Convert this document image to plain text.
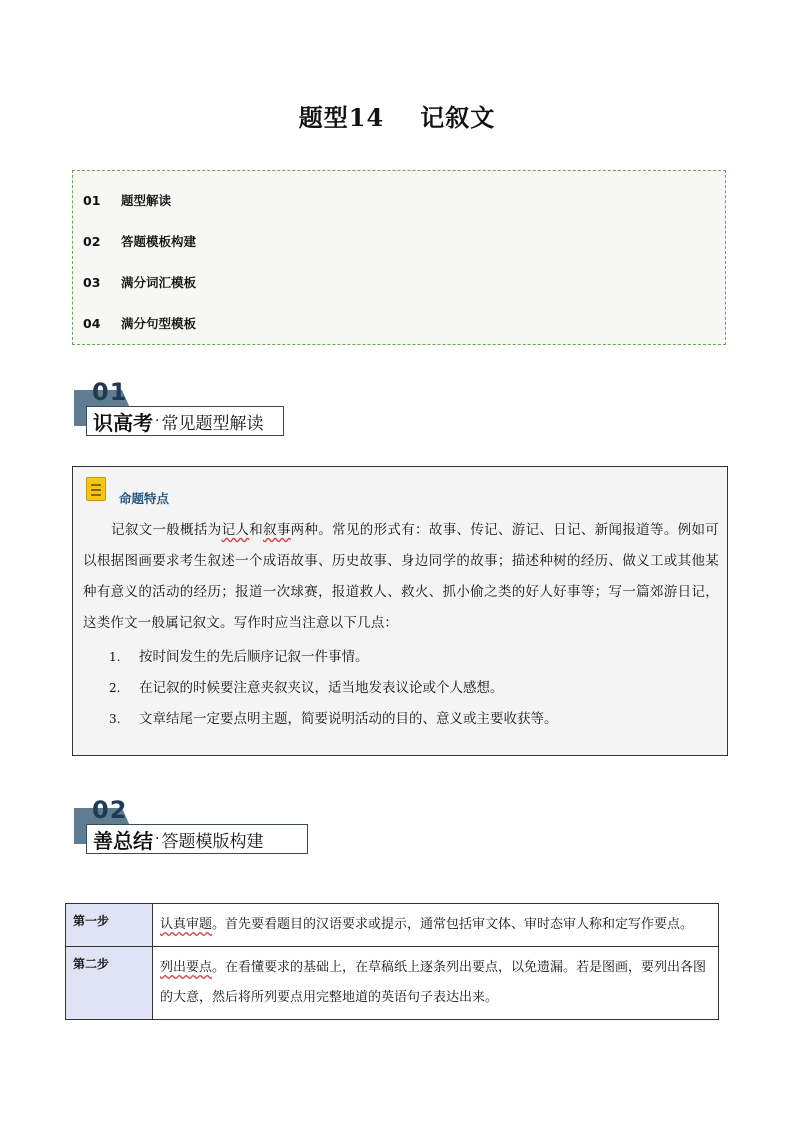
题型14 记叙文
01 题型解读
02 答题模板构建
03 满分词汇模板
04 满分句型模板
01
识高考 · 常见题型解读
命题特点
记叙文一般概括为记人和叙事两种。常见的形式有：故事、传记、游记、日记、新闻报道等。例如可以根据图画要求考生叙述一个成语故事、历史故事、身边同学的故事；描述种树的经历、做义工或其他某种有意义的活动的经历；报道一次球赛，报道救人、救火、抓小偷之类的好人好事等；写一篇郊游日记，这类作文一般属记叙文。写作时应当注意以下几点：
1. 按时间发生的先后顺序记叙一件事情。
2. 在记叙的时候要注意夹叙夹议，适当地发表议论或个人感想。
3. 文章结尾一定要点明主题，简要说明活动的目的、意义或主要收获等。
02
善总结 · 答题模版构建
第一步	认真审题。首先要看题目的汉语要求或提示，通常包括审文体、审时态审人称和定写作要点。
第二步	列出要点。在看懂要求的基础上，在草稿纸上逐条列出要点，以免遗漏。若是图画，要列出各图的大意，然后将所列要点用完整地道的英语句子表达出来。
